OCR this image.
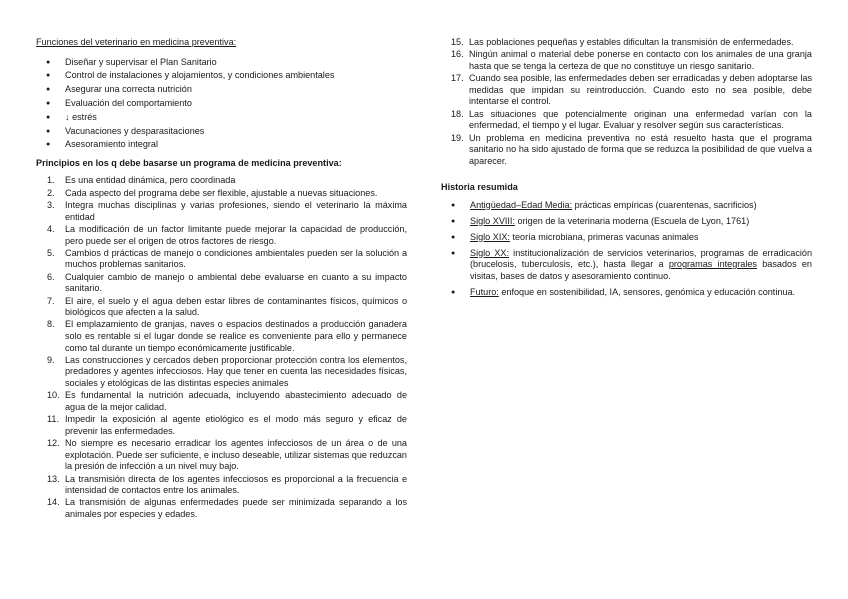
Funciones del veterinario en medicina preventiva:
● Diseñar y supervisar el Plan Sanitario
● Control de instalaciones y alojamientos, y condiciones ambientales
● Asegurar una correcta nutrición
● Evaluación del comportamiento
● ↓ estrés
● Vacunaciones y desparasitaciones
● Asesoramiento integral
Principios en los q debe basarse un programa de medicina preventiva:
1. Es una entidad dinámica, pero coordinada
2. Cada aspecto del programa debe ser flexible, ajustable a nuevas situaciones.
3. Integra muchas disciplinas y varias profesiones, siendo el veterinario la máxima entidad
4. La modificación de un factor limitante puede mejorar la capacidad de producción, pero puede ser el origen de otros factores de riesgo.
5. Cambios d prácticas de manejo o condiciones ambientales pueden ser la solución a muchos problemas sanitarios.
6. Cualquier cambio de manejo o ambiental debe evaluarse en cuanto a su impacto sanitario.
7. El aire, el suelo y el agua deben estar libres de contaminantes físicos, químicos o biológicos que afecten a la salud.
8. El emplazamiento de granjas, naves o espacios destinados a producción ganadera solo es rentable si el lugar donde se realice es conveniente para ello y permanece como tal durante un tiempo económicamente justificable.
9. Las construcciones y cercados deben proporcionar protección contra los elementos, predadores y agentes infecciosos. Hay que tener en cuenta las necesidades físicas, sociales y etológicas de las distintas especies animales
10. Es fundamental la nutrición adecuada, incluyendo abastecimiento adecuado de agua de la mejor calidad.
11. Impedir la exposición al agente etiológico es el modo más seguro y eficaz de prevenir las enfermedades.
12. No siempre es necesario erradicar los agentes infecciosos de un área o de una explotación. Puede ser suficiente, e incluso deseable, utilizar sistemas que reduzcan la presión de infección a un nivel muy bajo.
13. La transmisión directa de los agentes infecciosos es proporcional a la frecuencia e intensidad de contactos entre los animales.
14. La transmisión de algunas enfermedades puede ser minimizada separando a los animales por especies y edades.
15. Las poblaciones pequeñas y estables dificultan la transmisión de enfermedades.
16. Ningún animal o material debe ponerse en contacto con los animales de una granja hasta que se tenga la certeza de que no constituye un riesgo sanitario.
17. Cuando sea posible, las enfermedades deben ser erradicadas y deben adoptarse las medidas que impidan su reintroducción. Cuando esto no sea posible, debe intentarse el control.
18. Las situaciones que potencialmente originan una enfermedad varían con la enfermedad, el tiempo y el lugar. Evaluar y resolver según sus características.
19. Un problema en medicina preventiva no está resuelto hasta que el programa sanitario no ha sido ajustado de forma que se reduzca la posibilidad de que vuelva a aparecer.
Historia resumida
● Antigüedad–Edad Media: prácticas empíricas (cuarentenas, sacrificios)
● Siglo XVIII: origen de la veterinaria moderna (Escuela de Lyon, 1761)
● Siglo XIX: teoría microbiana, primeras vacunas animales
● Siglo XX: institucionalización de servicios veterinarios, programas de erradicación (brucelosis, tuberculosis, etc.), hasta llegar a programas integrales basados en visitas, bases de datos y asesoramiento continuo.
● Futuro: enfoque en sostenibilidad, IA, sensores, genómica y educación continua.
